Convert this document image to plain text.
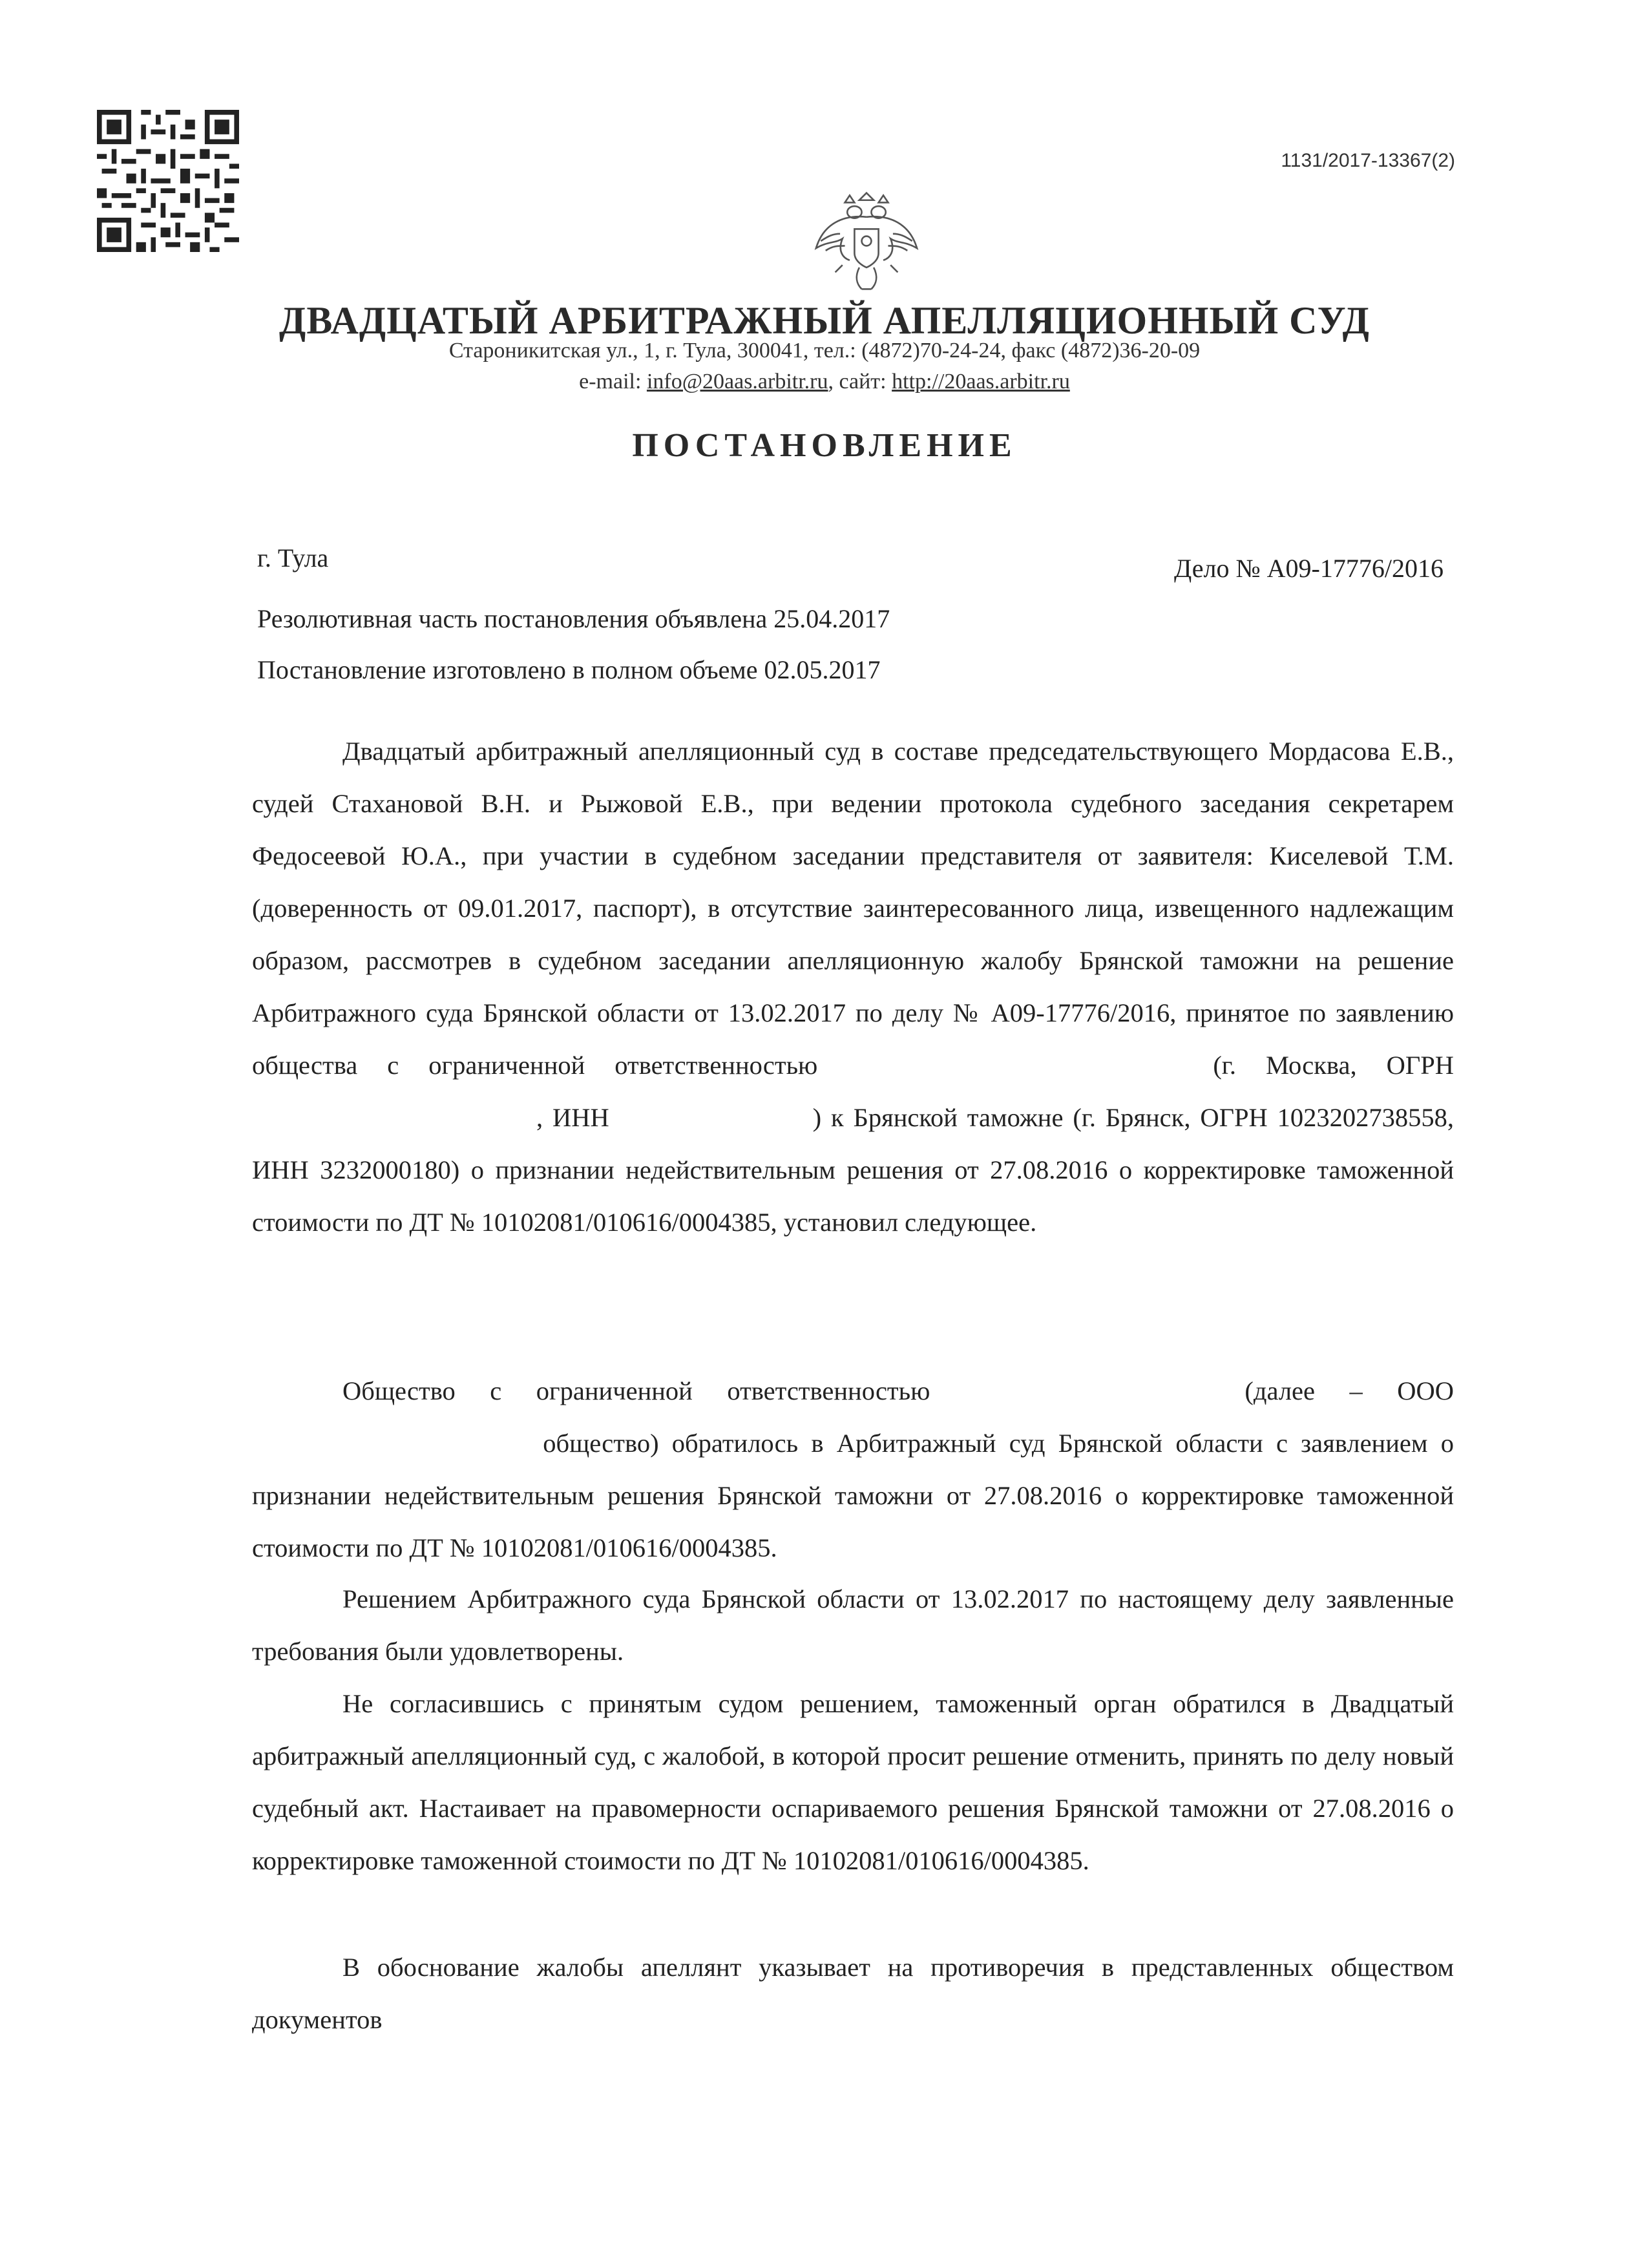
1131/2017-13367(2)
ДВАДЦАТЫЙ АРБИТРАЖНЫЙ АПЕЛЛЯЦИОННЫЙ СУД
Староникитская ул., 1, г. Тула, 300041, тел.: (4872)70-24-24, факс (4872)36-20-09
e-mail: info@20aas.arbitr.ru, сайт: http://20aas.arbitr.ru
ПОСТАНОВЛЕНИЕ
г. Тула	Дело № А09-17776/2016
Резолютивная часть постановления объявлена 25.04.2017
Постановление изготовлено в полном объеме 02.05.2017
Двадцатый арбитражный апелляционный суд в составе председательствующего Мордасова Е.В., судей Стахановой В.Н. и Рыжовой Е.В., при ведении протокола судебного заседания секретарем Федосеевой Ю.А., при участии в судебном заседании представителя от заявителя: Киселевой Т.М. (доверенность от 09.01.2017, паспорт), в отсутствие заинтересованного лица, извещенного надлежащим образом, рассмотрев в судебном заседании апелляционную жалобу Брянской таможни на решение Арбитражного суда Брянской области от 13.02.2017 по делу № А09-17776/2016, принятое по заявлению общества с ограниченной ответственностью	(г. Москва, ОГРН , ИНН	) к Брянской таможне (г. Брянск, ОГРН 1023202738558, ИНН 3232000180) о признании недействительным решения от 27.08.2016 о корректировке таможенной стоимости по ДТ № 10102081/010616/0004385, установил следующее.
Общество с ограниченной ответственностью	(далее – ООО  общество) обратилось в Арбитражный суд Брянской области с заявлением о признании недействительным решения Брянской таможни от 27.08.2016 о корректировке таможенной стоимости по ДТ № 10102081/010616/0004385.
Решением Арбитражного суда Брянской области от 13.02.2017 по настоящему делу заявленные требования были удовлетворены.
Не согласившись с принятым судом решением, таможенный орган обратился в Двадцатый арбитражный апелляционный суд, с жалобой, в которой просит решение отменить, принять по делу новый судебный акт. Настаивает на правомерности оспариваемого решения Брянской таможни от 27.08.2016 о корректировке таможенной стоимости по ДТ № 10102081/010616/0004385.
В обоснование жалобы апеллянт указывает на противоречия в представленных обществом документов
